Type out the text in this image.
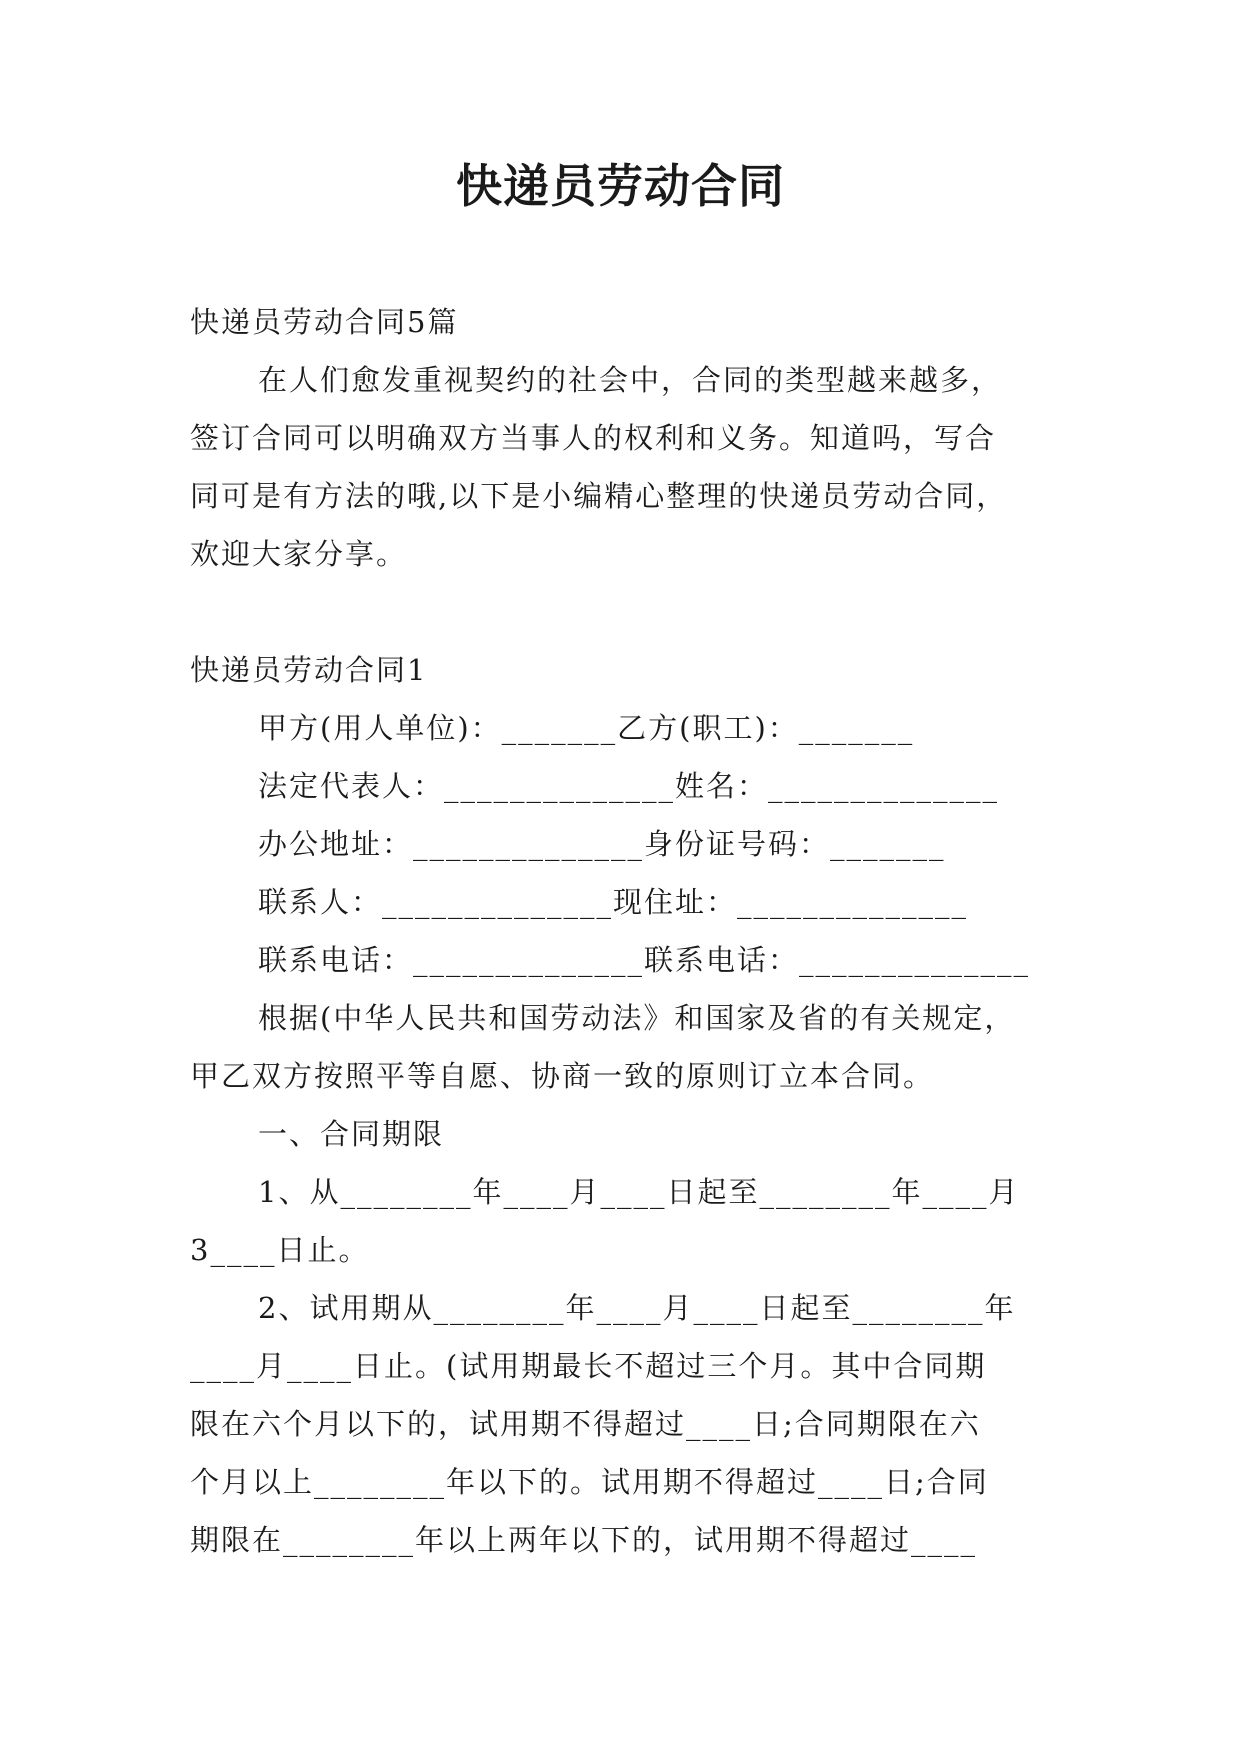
快递员劳动合同

快递员劳动合同5篇

在人们愈发重视契约的社会中，合同的类型越来越多，

签订合同可以明确双方当事人的权利和义务。知道吗，写合

同可是有方法的哦,以下是小编精心整理的快递员劳动合同，

欢迎大家分享。

快递员劳动合同1

甲方(用人单位)：_______乙方(职工)：_______

法定代表人：______________姓名：______________

办公地址：______________身份证号码：_______

联系人：______________现住址：______________

联系电话：______________联系电话：______________

根据(中华人民共和国劳动法》和国家及省的有关规定，

甲乙双方按照平等自愿、协商一致的原则订立本合同。

一、合同期限

1、从________年____月____日起至________年____月

3____日止。

2、试用期从________年____月____日起至________年

____月____日止。(试用期最长不超过三个月。其中合同期

限在六个月以下的，试用期不得超过____日;合同期限在六

个月以上________年以下的。试用期不得超过____日;合同

期限在________年以上两年以下的，试用期不得超过____
